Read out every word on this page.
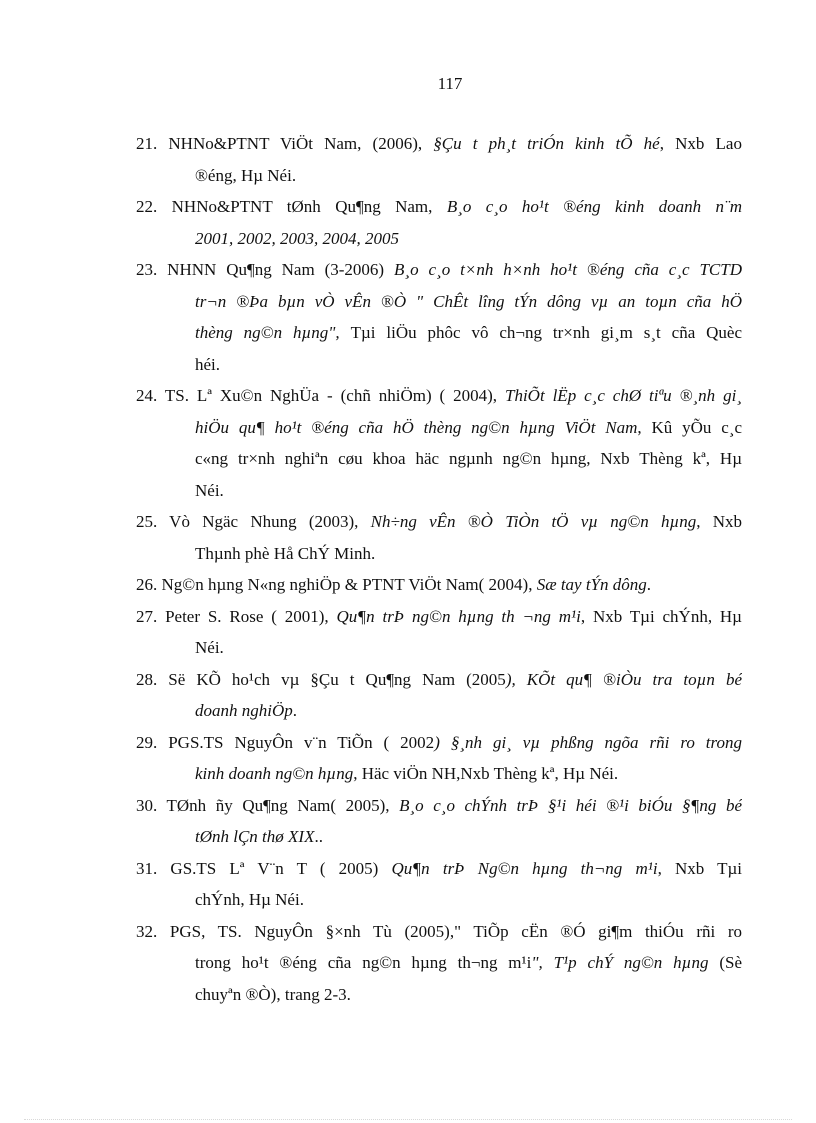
117
21. NHNo&PTNT ViÖt Nam, (2006), §Çu t ph¸t triÓn kinh tÕ hé, Nxb Lao
®éng, Hµ Néi.
22. NHNo&PTNT tØnh Qu¶ng Nam, B¸o c¸o ho¹t ®éng kinh doanh n¨m
2001, 2002, 2003, 2004, 2005
23. NHNN Qu¶ng Nam (3-2006) B¸o c¸o t×nh h×nh ho¹t ®éng cña c¸c TCTD
tr¬n ®Þa bµn vÒ vÊn ®Ò " ChÊt lîng tÝn dông vµ an toµn cña hÖ
thèng ng©n hµng", Tµi liÖu phôc vô ch¬ng tr×nh gi¸m s¸t cña Quèc
héi.
24. TS. Lª Xu©n NghÜa - (chñ nhiÖm) ( 2004), ThiÕt lËp c¸c chØ tiªu ®¸nh gi¸
hiÖu qu¶ ho¹t ®éng cña hÖ thèng ng©n hµng ViÖt Nam, Kû yÕu c¸c
c«ng tr×nh nghiªn cøu khoa häc ngµnh ng©n hµng, Nxb Thèng kª, Hµ
Néi.
25. Vò Ngäc Nhung (2003), Nh÷ng vÊn ®Ò TiÒn tÖ vµ ng©n hµng, Nxb
Thµnh phè Hå ChÝ Minh.
26. Ng©n hµng N«ng nghiÖp & PTNT ViÖt Nam( 2004), Sæ tay tÝn dông.
27. Peter S. Rose ( 2001), Qu¶n trÞ ng©n hµng th ¬ng m¹i, Nxb Tµi chÝnh, Hµ
Néi.
28. Së KÕ ho¹ch vµ §Çu t Qu¶ng Nam (2005), KÕt qu¶ ®iÒu tra toµn bé
doanh nghiÖp.
29. PGS.TS NguyÔn v¨n TiÕn ( 2002) §¸nh gi¸ vµ phßng ngõa rñi ro trong
kinh doanh ng©n hµng, Häc viÖn NH,Nxb Thèng kª, Hµ Néi.
30. TØnh ñy Qu¶ng Nam( 2005), B¸o c¸o chÝnh trÞ §¹i héi ®¹i biÓu §¶ng bé
tØnh lÇn thø XIX..
31. GS.TS Lª V¨n T ( 2005) Qu¶n trÞ Ng©n hµng th¬ng m¹i, Nxb Tµi
chÝnh, Hµ Néi.
32. PGS, TS. NguyÔn §×nh Tù (2005)," TiÕp cËn ®Ó gi¶m thiÓu rñi ro
trong ho¹t ®éng cña ng©n hµng th¬ng m¹i", T¹p chÝ ng©n hµng (Sè
chuyªn ®Ò), trang 2-3.
